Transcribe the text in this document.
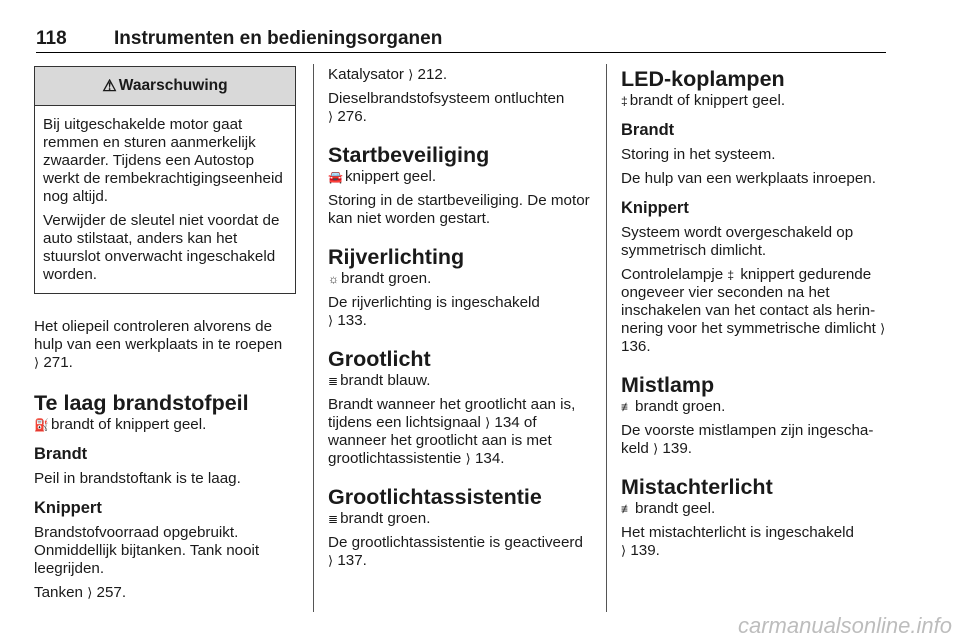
118 Instrumenten en bedieningsorganen
⚠ Waarschuwing

Bij uitgeschakelde motor gaat remmen en sturen aanmerkelijk zwaarder. Tijdens een Autostop werkt de rembekrachtigingseenheid nog altijd.

Verwijder de sleutel niet voordat de auto stilstaat, anders kan het stuurslot onverwacht ingeschakeld worden.

Het oliepeil controleren alvorens de hulp van een werkplaats in te roepen
⟩ 271.

Te laag brandstofpeil

⛽ brandt of knippert geel.

Brandt

Peil in brandstoftank is te laag.

Knippert

Brandstofvoorraad opgebruikt. Onmiddellijk bijtanken. Tank nooit leegrijden.

Tanken ⟩ 257.

Katalysator ⟩ 212.

Dieselbrandstofsysteem ontluchten
⟩ 276.

Startbeveiliging

🚘 knippert geel.

Storing in de startbeveiliging. De motor kan niet worden gestart.

Rijverlichting

☼ brandt groen.

De rijverlichting is ingeschakeld
⟩ 133.

Grootlicht

≣ brandt blauw.

Brandt wanneer het grootlicht aan is, tijdens een lichtsignaal ⟩ 134 of wanneer het grootlicht aan is met grootlichtassistentie ⟩ 134.

Grootlichtassistentie

≣ brandt groen.

De grootlichtassistentie is geactiveerd ⟩ 137.

LED-koplampen

‡ brandt of knippert geel.

Brandt

Storing in het systeem.

De hulp van een werkplaats inroepen.

Knippert

Systeem wordt overgeschakeld op symmetrisch dimlicht.

Controlelampje ‡ knippert gedurende ongeveer vier seconden na het inschakelen van het contact als herinnering voor het symmetrische dimlicht ⟩ 136.

Mistlamp

≢ brandt groen.

De voorste mistlampen zijn ingeschakeld ⟩ 139.

Mistachterlicht

≢ brandt geel.

Het mistachterlicht is ingeschakeld
⟩ 139.

carmanualsonline.info
